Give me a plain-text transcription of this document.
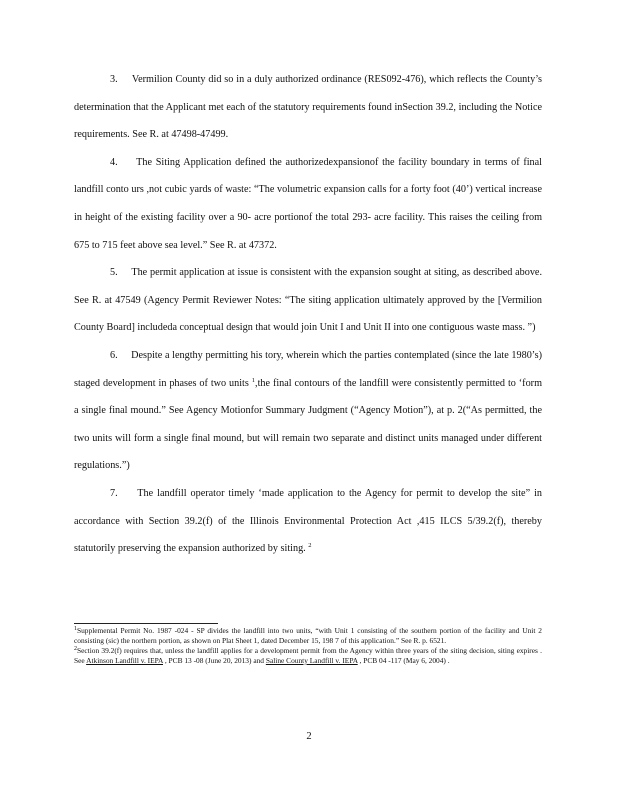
3.     Vermilion County did so in a duly authorized ordinance (RES092-476), which reflects the County’s determination that the Applicant met each of the statutory requirements found inSection 39.2, including the Notice requirements. See R. at 47498-47499.

4.     The Siting Application defined the authorizedexpansionof the facility boundary in terms of final landfill conto urs ,not cubic yards of waste: “The volumetric expansion calls for a forty foot (40’) vertical increase in height of the existing facility over a 90- acre portionof the total 293- acre facility. This raises the ceiling from 675 to 715 feet above sea level.” See R. at 47372.

5.     The permit application at issue is consistent with the expansion sought at siting, as described above. See R. at 47549 (Agency Permit Reviewer Notes: “The siting application ultimately approved by the [Vermilion County Board] includeda conceptual design that would join Unit I and Unit II into one contiguous waste mass. ”)

6.     Despite a lengthy permitting his tory, wherein which the parties contemplated (since the late 1980’s) staged development in phases of two units $^1$,the final contours of the landfill were consistently permitted to ‘form a single final mound.” See Agency Motionfor Summary Judgment (“Agency Motion”), at p. 2(“As permitted, the two units will form a single final mound, but will remain two separate and distinct units managed under different regulations.”)

7.     The landfill operator timely ‘made application to the Agency for permit to develop the site” in accordance with Section 39.2(f) of the Illinois Environmental Protection Act ,415 ILCS 5/39.2(f), thereby statutorily preserving the expansion authorized by siting. $^2$

$^1$Supplemental Permit No. 1987 -024 - SP divides the landfill into two units, “with Unit 1 consisting of the southern portion of the facility and Unit 2 consisting (sic) the northern portion, as shown on Plat Sheet 1, dated December 15, 198 7 of this application.” See R. p. 6521.

$^2$Section 39.2(f) requires that, unless the landfill applies for a development permit from the Agency within three years of the siting decision, siting expires . See Atkinson Landfill v. IEPA , PCB 13 -08 (June 20, 2013) and Saline County Landfill v. IEPA , PCB 04 -117 (May 6, 2004) .

2
